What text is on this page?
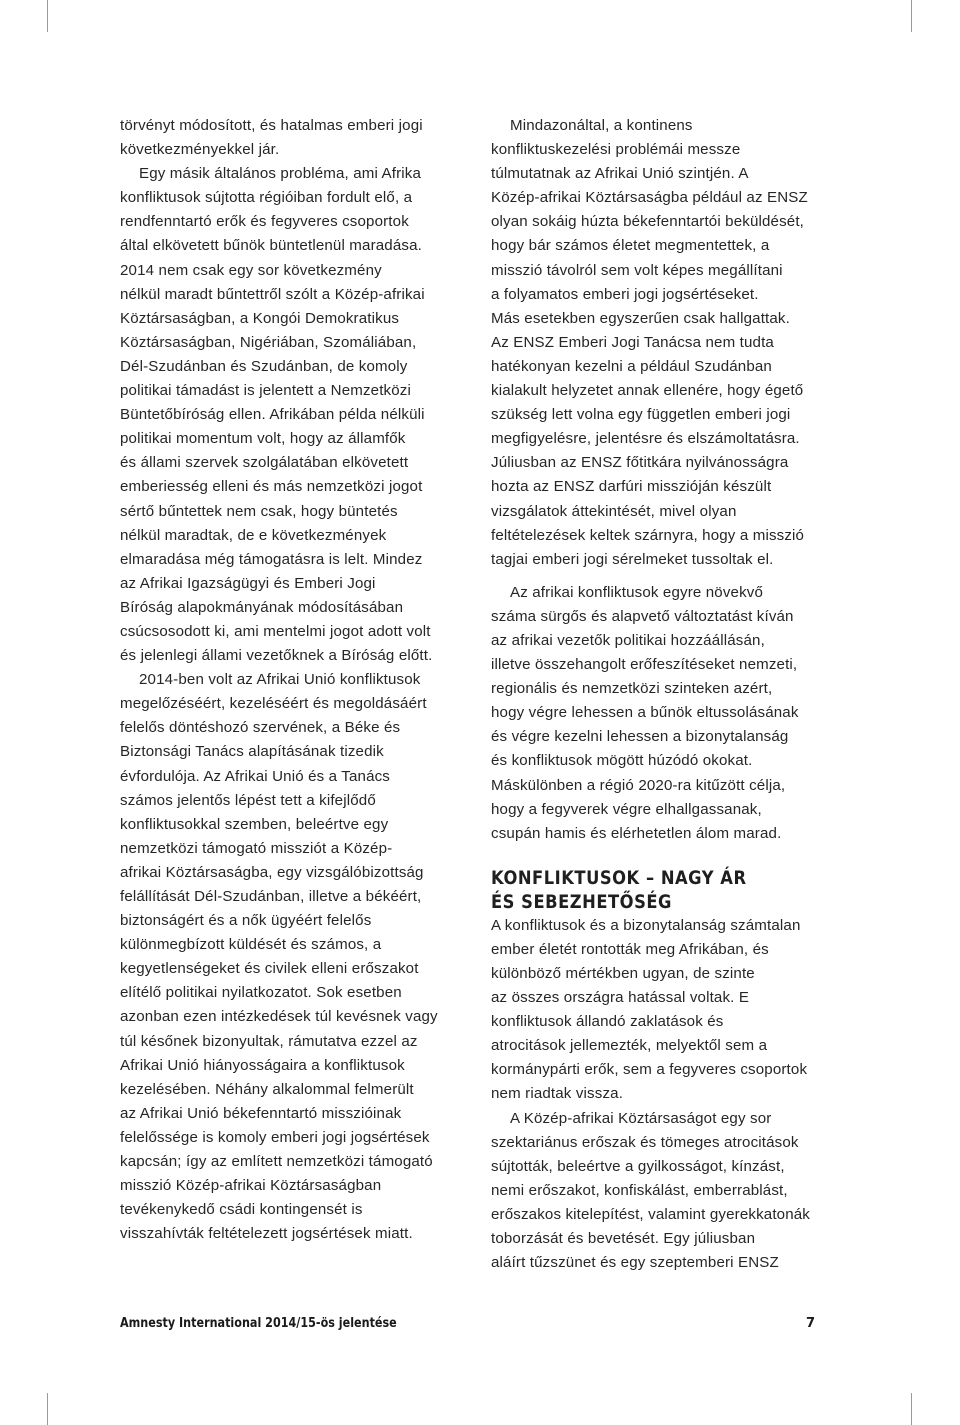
törvényt módosított, és hatalmas emberi jogi
következményekkel jár.
Egy másik általános probléma, ami Afrika
konfliktusok sújtotta régióiban fordult elő, a
rendfenntartó erők és fegyveres csoportok
által elkövetett bűnök büntetlenül maradása.
2014 nem csak egy sor következmény
nélkül maradt bűntettről szólt a Közép-afrikai
Köztársaságban, a Kongói Demokratikus
Köztársaságban, Nigériában, Szomáliában,
Dél-Szudánban és Szudánban, de komoly
politikai támadást is jelentett a Nemzetközi
Büntetőbíróság ellen. Afrikában példa nélküli
politikai momentum volt, hogy az államfők
és állami szervek szolgálatában elkövetett
emberiesség elleni és más nemzetközi jogot
sértő bűntettek nem csak, hogy büntetés
nélkül maradtak, de e következmények
elmaradása még támogatásra is lelt. Mindez
az Afrikai Igazságügyi és Emberi Jogi
Bíróság alapokmányának módosításában
csúcsosodott ki, ami mentelmi jogot adott volt
és jelenlegi állami vezetőknek a Bíróság előtt.
2014-ben volt az Afrikai Unió konfliktusok
megelőzéséért, kezeléséért és megoldásáért
felelős döntéshozó szervének, a Béke és
Biztonsági Tanács alapításának tizedik
évfordulója. Az Afrikai Unió és a Tanács
számos jelentős lépést tett a kifejlődő
konfliktusokkal szemben, beleértve egy
nemzetközi támogató missziót a Közép-
afrikai Köztársaságba, egy vizsgálóbizottság
felállítását Dél-Szudánban, illetve a békéért,
biztonságért és a nők ügyéért felelős
különmegbízott küldését és számos, a
kegyetlenségeket és civilek elleni erőszakot
elítélő politikai nyilatkozatot. Sok esetben
azonban ezen intézkedések túl kevésnek vagy
túl későnek bizonyultak, rámutatva ezzel az
Afrikai Unió hiányosságaira a konfliktusok
kezelésében. Néhány alkalommal felmerült
az Afrikai Unió békefenntartó misszióinak
felelőssége is komoly emberi jogi jogsértések
kapcsán; így az említett nemzetközi támogató
misszió Közép-afrikai Köztársaságban
tevékenykedő csádi kontingensét is
visszahívták feltételezett jogsértések miatt.
Mindazonáltal, a kontinens
konfliktuskezelési problémái messze
túlmutatnak az Afrikai Unió szintjén. A
Közép-afrikai Köztársaságba például az ENSZ
olyan sokáig húzta békefenntartói beküldését,
hogy bár számos életet megmentettek, a
misszió távolról sem volt képes megállítani
a folyamatos emberi jogi jogsértéseket.
Más esetekben egyszerűen csak hallgattak.
Az ENSZ Emberi Jogi Tanácsa nem tudta
hatékonyan kezelni a például Szudánban
kialakult helyzetet annak ellenére, hogy égető
szükség lett volna egy független emberi jogi
megfigyelésre, jelentésre és elszámoltatásra.
Júliusban az ENSZ főtitkára nyilvánosságra
hozta az ENSZ darfúri misszióján készült
vizsgálatok áttekintését, mivel olyan
feltételezések keltek szárnyra, hogy a misszió
tagjai emberi jogi sérelmeket tussoltak el.
Az afrikai konfliktusok egyre növekvő
száma sürgős és alapvető változtatást kíván
az afrikai vezetők politikai hozzáállásán,
illetve összehangolt erőfeszítéseket nemzeti,
regionális és nemzetközi szinteken azért,
hogy végre lehessen a bűnök eltussolásának
és végre kezelni lehessen a bizonytalanság
és konfliktusok mögött húzódó okokat.
Máskülönben a régió 2020-ra kitűzött célja,
hogy a fegyverek végre elhallgassanak,
csupán hamis és elérhetetlen álom marad.
KONFLIKTUSOK – NAGY ÁR
ÉS SEBEZHETŐSÉG
A konfliktusok és a bizonytalanság számtalan
ember életét rontották meg Afrikában, és
különböző mértékben ugyan, de szinte
az összes országra hatással voltak. E
konfliktusok állandó zaklatások és
atrocitások jellemezték, melyektől sem a
kormánypárti erők, sem a fegyveres csoportok
nem riadtak vissza.
A Közép-afrikai Köztársaságot egy sor
szektariánus erőszak és tömeges atrocitások
sújtották, beleértve a gyilkosságot, kínzást,
nemi erőszakot, konfiskálást, emberrablást,
erőszakos kitelepítést, valamint gyerekkatonák
toborzását és bevetését. Egy júliusban
aláírt tűzszünet és egy szeptemberi ENSZ
Amnesty International 2014/15-ös jelentése	7
